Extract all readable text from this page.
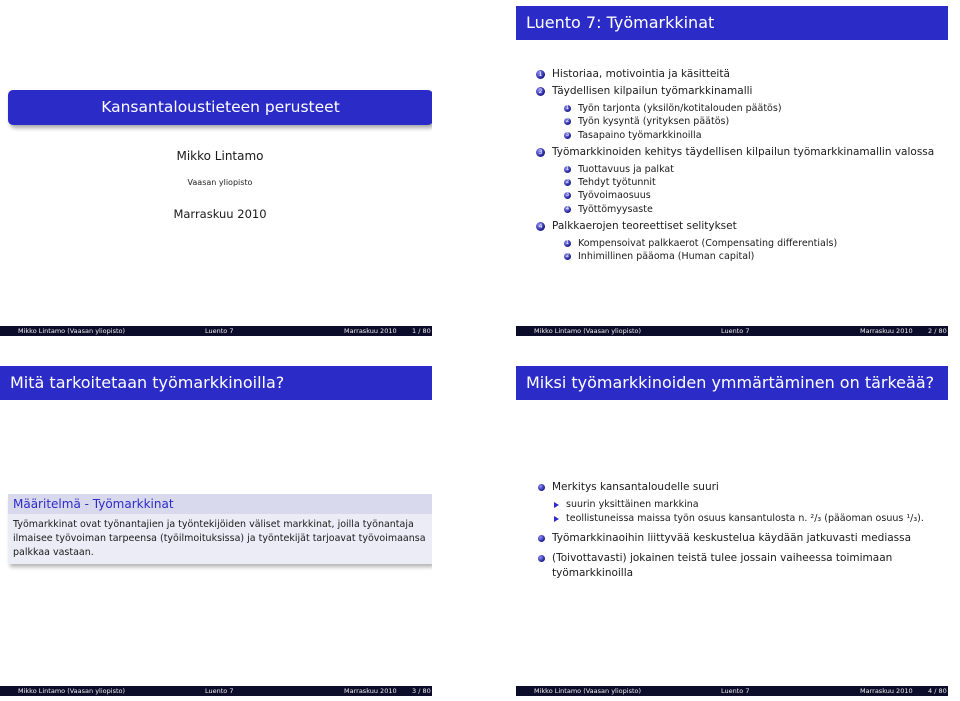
Kansantaloustieteen perusteet
Mikko Lintamo
Vaasan yliopisto
Marraskuu 2010
Mikko Lintamo (Vaasan yliopisto)	Luento 7	Marraskuu 2010 1 / 80
Luento 7: Työmarkkinat
1 Historiaa, motivointia ja käsitteitä
2 Täydellisen kilpailun työmarkkinamalli
1 Työn tarjonta (yksilön/kotitalouden päätös)
2 Työn kysyntä (yrityksen päätös)
3 Tasapaino työmarkkinoilla
3 Työmarkkinoiden kehitys täydellisen kilpailun työmarkkinamallin valossa
1 Tuottavuus ja palkat
2 Tehdyt työtunnit
3 Työvoimaosuus
4 Työttömyysaste
4 Palkkaerojen teoreettiset selitykset
1 Kompensoivat palkkaerot (Compensating differentials)
2 Inhimillinen pääoma (Human capital)
Mikko Lintamo (Vaasan yliopisto)	Luento 7	Marraskuu 2010 2 / 80
Mitä tarkoitetaan työmarkkinoilla?
Määritelmä - Työmarkkinat
Työmarkkinat ovat työnantajien ja työntekijöiden väliset markkinat, joilla työnantaja ilmaisee työvoiman tarpeensa (työilmoituksissa) ja työntekijät tarjoavat työvoimaansa palkkaa vastaan.
Mikko Lintamo (Vaasan yliopisto)	Luento 7	Marraskuu 2010 3 / 80
Miksi työmarkkinoiden ymmärtäminen on tärkeää?
Merkitys kansantaloudelle suuri
suurin yksittäinen markkina
teollistuneissa maissa työn osuus kansantulosta n. ²/₃ (pääoman osuus ¹/₃).
Työmarkkinaoihin liittyvää keskustelua käydään jatkuvasti mediassa
(Toivottavasti) jokainen teistä tulee jossain vaiheessa toimimaan työmarkkinoilla
Mikko Lintamo (Vaasan yliopisto)	Luento 7	Marraskuu 2010 4 / 80
